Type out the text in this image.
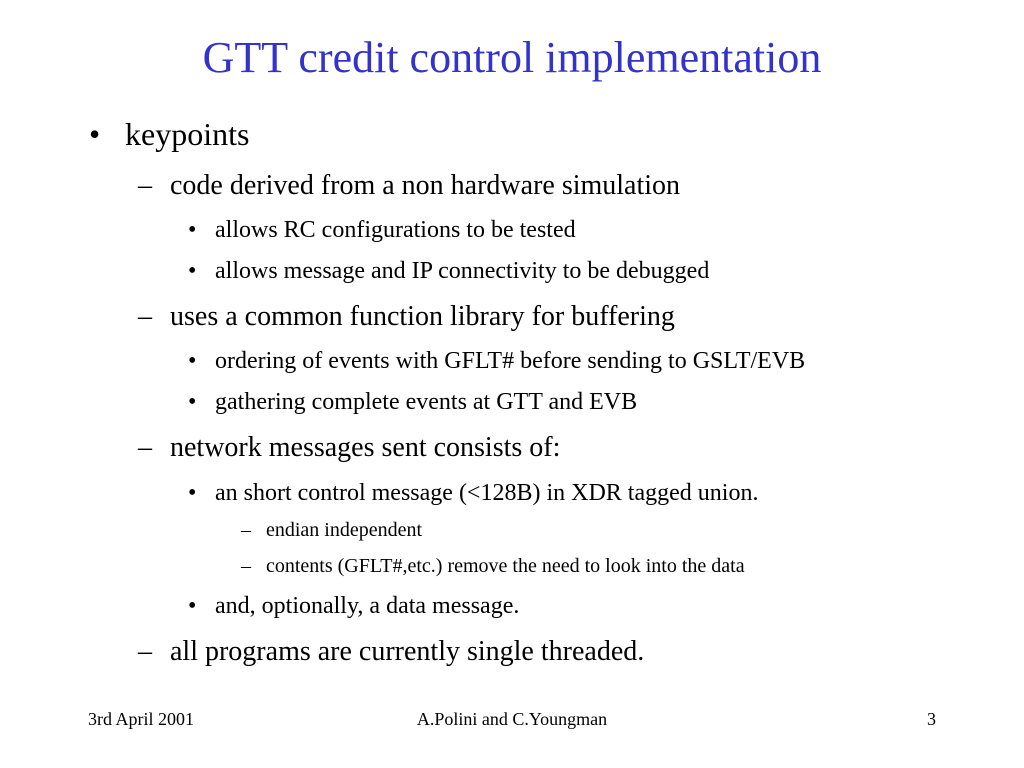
GTT credit control implementation
• keypoints
– code derived from a non hardware simulation
• allows RC configurations to be tested
• allows message and IP connectivity to be debugged
– uses a common function library for buffering
• ordering of events with GFLT# before sending to GSLT/EVB
• gathering complete events at GTT and EVB
– network messages sent consists of:
• an short control message (<128B) in XDR tagged union.
– endian independent
– contents (GFLT#,etc.) remove the need to look into the data
• and, optionally, a data message.
– all programs are currently single threaded.
3rd April 2001	A.Polini and C.Youngman	3
